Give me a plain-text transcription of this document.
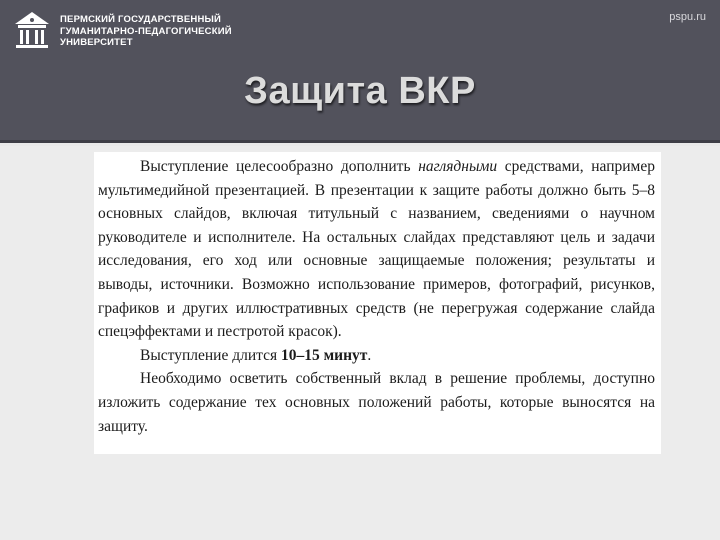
ПЕРМСКИЙ ГОСУДАРСТВЕННЫЙ
ГУМАНИТАРНО-ПЕДАГОГИЧЕСКИЙ
УНИВЕРСИТЕТ
pspu.ru
Защита ВКР

Выступление целесообразно дополнить наглядными средствами, например мультимедийной презентацией. В презентации к защите работы должно быть 5–8 основных слайдов, включая титульный с названием, сведениями о научном руководителе и исполнителе. На остальных слайдах представляют цель и задачи исследования, его ход или основные защищаемые положения; результаты и выводы, источники. Возможно использование примеров, фотографий, рисунков, графиков и других иллюстративных средств (не перегружая содержание слайда спецэффектами и пестротой красок).

Выступление длится 10–15 минут.

Необходимо осветить собственный вклад в решение проблемы, доступно изложить содержание тех основных положений работы, которые выносятся на защиту.
